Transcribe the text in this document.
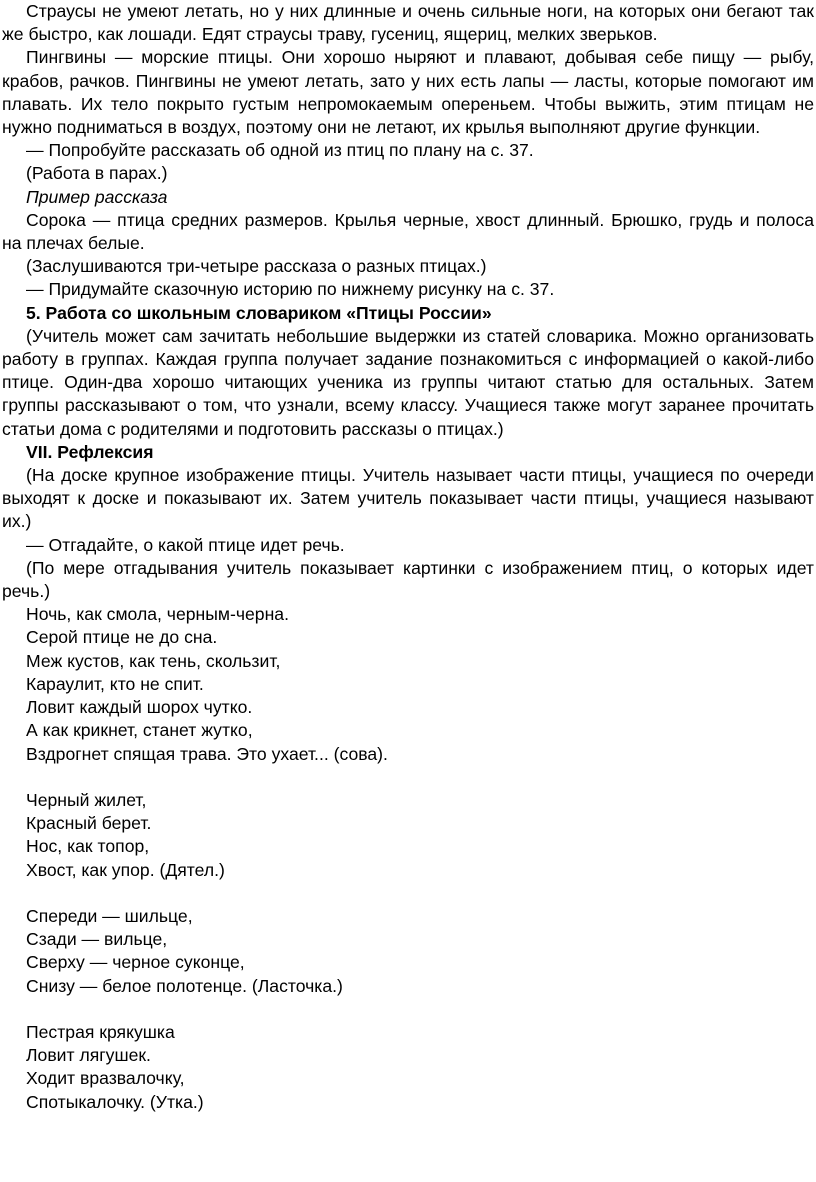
Страусы не умеют летать, но у них длинные и очень сильные ноги, на которых они бегают так же быстро, как лошади. Едят страусы траву, гусениц, ящериц, мелких зверьков.

Пингвины — морские птицы. Они хорошо ныряют и плавают, добывая себе пищу — рыбу, крабов, рачков. Пингвины не умеют летать, зато у них есть лапы — ласты, которые помогают им плавать. Их тело покрыто густым непромокаемым опереньем. Чтобы выжить, этим птицам не нужно подниматься в воздух, поэтому они не летают, их крылья выполняют другие функции.

— Попробуйте рассказать об одной из птиц по плану на с. 37.

(Работа в парах.)

Пример рассказа

Сорока — птица средних размеров. Крылья черные, хвост длинный. Брюшко, грудь и полоса на плечах белые.

(Заслушиваются три-четыре рассказа о разных птицах.)

— Придумайте сказочную историю по нижнему рисунку на с. 37.

5. Работа со школьным словариком «Птицы России»

(Учитель может сам зачитать небольшие выдержки из статей словарика. Можно организовать работу в группах. Каждая группа получает задание познакомиться с информацией о какой-либо птице. Один-два хорошо читающих ученика из группы читают статью для остальных. Затем группы рассказывают о том, что узнали, всему классу. Учащиеся также могут заранее прочитать статьи дома с родителями и подготовить рассказы о птицах.)

VII. Рефлексия

(На доске крупное изображение птицы. Учитель называет части птицы, учащиеся по очереди выходят к доске и показывают их. Затем учитель показывает части птицы, учащиеся называют их.)

— Отгадайте, о какой птице идет речь.

(По мере отгадывания учитель показывает картинки с изображением птиц, о которых идет речь.)

Ночь, как смола, черным-черна.

Серой птице не до сна.

Меж кустов, как тень, скользит,

Караулит, кто не спит.

Ловит каждый шорох чутко.

А как крикнет, станет жутко,

Вздрогнет спящая трава. Это ухает... (сова).

Черный жилет,

Красный берет.

Нос, как топор,

Хвост, как упор. (Дятел.)

Спереди — шильце,

Сзади — вильце,

Сверху — черное суконце,

Снизу — белое полотенце. (Ласточка.)

Пестрая крякушка

Ловит лягушек.

Ходит вразвалочку,

Спотыкалочку. (Утка.)
